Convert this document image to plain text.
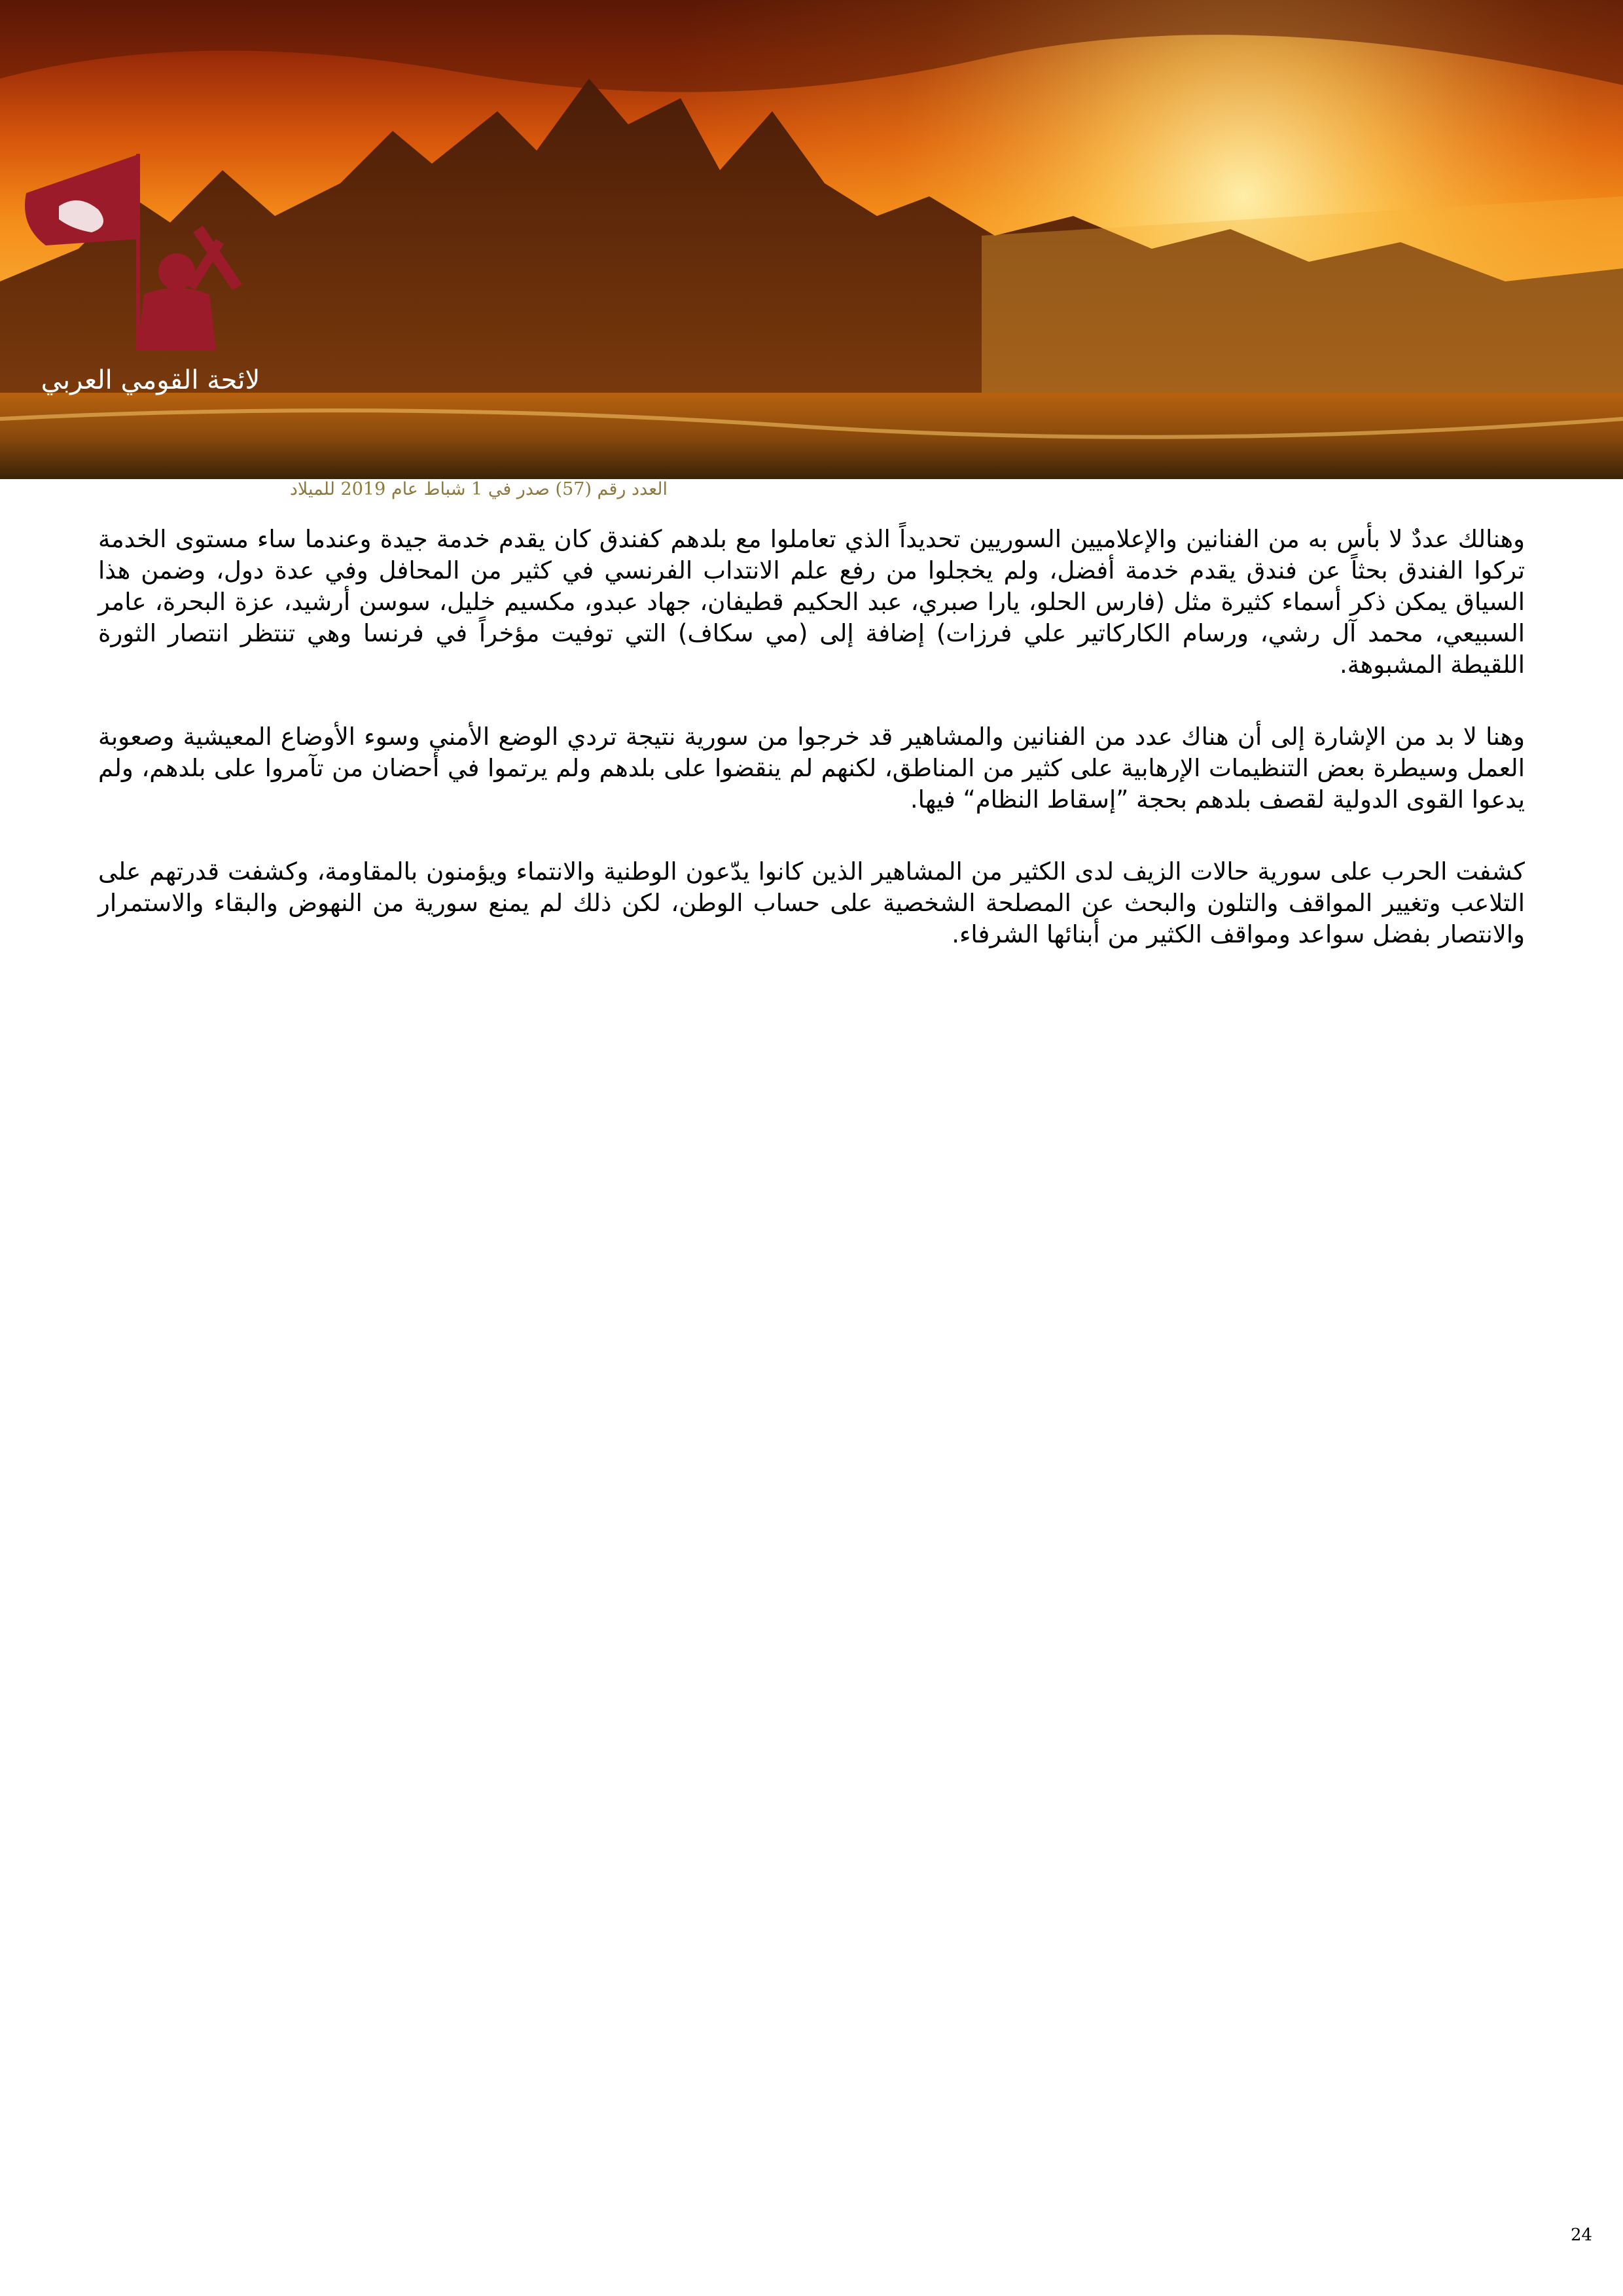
لائحة القومي العربي
العدد رقم (57) صدر في 1 شباط عام 2019 للميلاد

وهنالك عددٌ لا بأس به من الفنانين والإعلاميين السوريين تحديداً الذي تعاملوا مع بلدهم كفندق كان يقدم خدمة جيدة وعندما ساء مستوى الخدمة تركوا الفندق بحثاً عن فندق يقدم خدمة أفضل، ولم يخجلوا من رفع علم الانتداب الفرنسي في كثير من المحافل وفي عدة دول، وضمن هذا السياق يمكن ذكر أسماء كثيرة مثل (فارس الحلو، يارا صبري، عبد الحكيم قطيفان، جهاد عبدو، مكسيم خليل، سوسن أرشيد، عزة البحرة، عامر السبيعي، محمد آل رشي، ورسام الكاركاتير علي فرزات) إضافة إلى (مي سكاف) التي توفيت مؤخراً في فرنسا وهي تنتظر انتصار الثورة اللقيطة المشبوهة.

وهنا لا بد من الإشارة إلى أن هناك عدد من الفنانين والمشاهير قد خرجوا من سورية نتيجة تردي الوضع الأمني وسوء الأوضاع المعيشية وصعوبة العمل وسيطرة بعض التنظيمات الإرهابية على كثير من المناطق، لكنهم لم ينقضوا على بلدهم ولم يرتموا في أحضان من تآمروا على بلدهم، ولم يدعوا القوى الدولية لقصف بلدهم بحجة ”إسقاط النظام“ فيها.

كشفت الحرب على سورية حالات الزيف لدى الكثير من المشاهير الذين كانوا يدّعون الوطنية والانتماء ويؤمنون بالمقاومة، وكشفت قدرتهم على التلاعب وتغيير المواقف والتلون والبحث عن المصلحة الشخصية على حساب الوطن، لكن ذلك لم يمنع سورية من النهوض والبقاء والاستمرار والانتصار بفضل سواعد ومواقف الكثير من أبنائها الشرفاء.

24
